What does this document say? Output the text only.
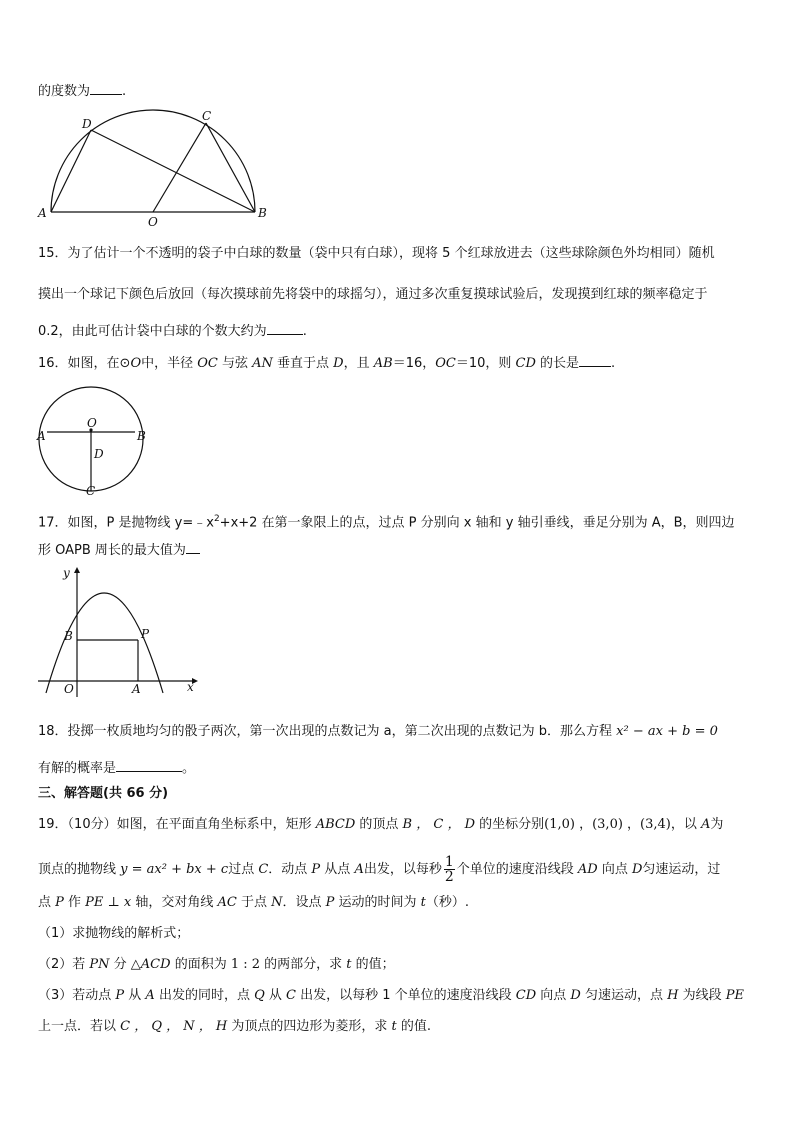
的度数为 .
D
C
A
O
B
15．为了估计一个不透明的袋子中白球的数量（袋中只有白球），现将 5 个红球放进去（这些球除颜色外均相同）随机
摸出一个球记下颜色后放回（每次摸球前先将袋中的球摇匀），通过多次重复摸球试验后，发现摸到红球的频率稳定于
0.2，由此可估计袋中白球的个数大约为	.
16．如图，在⊙O中，半径 OC 与弦 AN 垂直于点 D，且 AB＝16，OC＝10，则 CD 的长是 .
O
D
A	B
C
17．如图，P 是抛物线 $y=﹣x^2+x+2$ 在第一象限上的点，过点 P 分别向 x 轴和 y 轴引垂线，垂足分别为 A，B，则四边
形 OAPB 周长的最大值为
y
B	P
O	A	x
18．投掷一枚质地均匀的骰子两次，第一次出现的点数记为 a，第二次出现的点数记为 b．那么方程 x² − ax + b = 0
有解的概率是	。
三、解答题(共 66 分)
19．（10分）如图，在平面直角坐标系中，矩形 ABCD 的顶点 B ， C ， D 的坐标分别(1,0) ，(3,0) ，(3,4)，以 A为
顶点的抛物线 y = ax² + bx + c过点 C．动点 P 从点 A出发，以每秒 $\frac{1}{2}$ 个单位的速度沿线段 AD 向点 D匀速运动，过
点 P 作 PE ⊥ x 轴，交对角线 AC 于点 N．设点 P 运动的时间为 t（秒）.
（1）求抛物线的解析式；
（2）若 PN 分 △ACD 的面积为 1 : 2 的两部分，求 t 的值；
（3）若动点 P 从 A 出发的同时，点 Q 从 C 出发，以每秒 1 个单位的速度沿线段 CD 向点 D 匀速运动，点 H 为线段 PE
上一点．若以 C ， Q ， N ， H 为顶点的四边形为菱形，求 t 的值.
